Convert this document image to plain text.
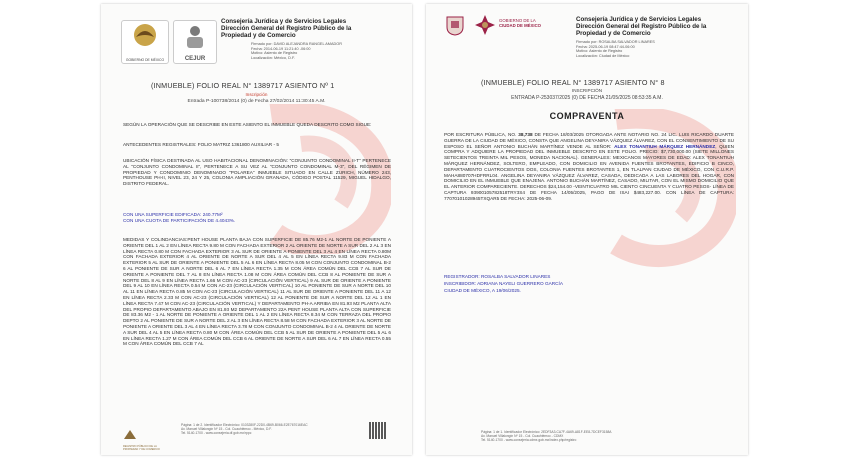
GOBIERNO DE MÉXICO	CEJUR
Consejería Jurídica y de Servicios Legales
Dirección General del Registro Público de la
Propiedad y de Comercio
Firmado por: DAVID ALEJANDRA RANGEL AMADOR
Fecha: 2014-06-19 11:21:40 -06:00
Motivo: Asiento de Registro
Localización: México, D.F.
(INMUEBLE) FOLIO REAL N° 1389717 ASIENTO Nº 1
Inscripción
Entrada P-100738/2014 (0) de Fecha 27/02/2014 11:30:45 A.M.
SEGÚN LA OPERACIÓN QUE SE DESCRIBE EN ESTE ASIENTO EL INMUEBLE QUEDA DESCRITO COMO SIGUE:
ANTECEDENTES REGISTRALES: FOLIO MATRIZ 1361800 AUXILIAR - 5
UBICACIÓN FÍSICA DESTINADA AL USO HABITACIONAL DENOMINACIÓN: "CONJUNTO CONDOMINAL II-T" PERTENECE AL "CONJUNTO CONDOMINAL II", PERTENECE A SU VEZ AL "CONJUNTO CONDOMINAL M-3", DEL RÉGIMEN DE PROPIEDAD Y CONDOMINIO DENOMINADO "POLAREA" INMUEBLE SITUADO EN CALLE ZURICH, NÚMERO 243, PENTHOUSE PH-II, NIVEL 23, 24 Y 25, COLONIA AMPLIACIÓN GRANADA, CÓDIGO POSTAL 11529, MIGUEL HIDALGO, DISTRITO FEDERAL.
CON UNA SUPERFICIE EDIFICADA: 240.77M²
CON UNA CUOTA DE PARTICIPACIÓN DE 4.4043%.
MEDIDAS Y COLINDANCIAS:PENT HOUSE PLANTA BAJA CON SUPERFICIE DE 85.76 M2-1 AL NORTE DE PONIENTE A ORIENTE DEL 1 AL 2 EN LÍNEA RECTA 9.80 M CON FACHADA EXTERIOR 2 AL ORIENTE DE NORTE A SUR DEL 2 AL 3 EN LÍNEA RECTA 0.80 M CON FACHADA EXTERIOR 3 AL SUR DE ORIENTE A PONIENTE DEL 3 AL 4 EN LÍNEA RECTA 0.80M CON FACHADA EXTERIOR 4 AL ORIENTE DE NORTE A SUR DEL 4 AL 5 EN LÍNEA RECTA 9.83 M CON FACHADA EXTERIOR 5 AL SUR DE ORIENTE A PONIENTE DEL 5 AL 6 EN LÍNEA RECTA 8.05 M CON CONJUNTO CONDOMINAL B-2 6 AL PONIENTE DE SUR A NORTE DEL 6 AL 7 EN LÍNEA RECTA 1.35 M CON ÁREA COMÚN DEL CCB 7 AL SUR DE ORIENTE A PONIENTE DEL 7 AL 8 EN LÍNEA RECTA 1.08 M CON ÁREA COMÚN DEL CCB 8 AL PONIENTE DE SUR A NORTE DEL 8 AL 9 EN LÍNEA RECTA 1.66 M CON AC-23 (CIRCULACIÓN VERTICAL) 9 AL SUR DE ORIENTE A PONIENTE DEL 9 AL 10 EN LÍNEA RECTA 0.54 M CON AC-23 (CIRCULACIÓN VERTICAL) 10 AL PONIENTE DE SUR A NORTE DEL 10 AL 11 EN LÍNEA RECTA 0.85 M CON AC-23 (CIRCULACIÓN VERTICAL) 11 AL SUR DE ORIENTE A PONIENTE DEL 11 A 12 EN LÍNEA RECTA 2.33 M CON AC-23 (CIRCULACIÓN VERTICAL) 12 AL PONIENTE DE SUR A NORTE DEL 12 AL 1 EN LÍNEA RECTA 7.47 M CON AC-23 (CIRCULACIÓN VERTICAL) Y DEPARTAMENTO PH-A ARRIBA EN 81.93 M2 PLANTA ALTA DEL PROPIO DEPARTAMENTO ABAJO EN 81.93 M2 DEPARTAMENTO 22A PENT HOUSE PLANTA ALTA CON SUPERFICIE DE 83.36 M2 - 1 AL NORTE DE PONIENTE A ORIENTE DEL 1 AL 2 EN LÍNEA RECTA 8.34 M CON TERRAZA DEL PROPIO DEPTO 2 AL PONIENTE DE SUR A NORTE DEL 2 AL 3 EN LÍNEA RECTA 8.58 M CON FACHADA EXTERIOR 3 AL NORTE DE PONIENTE A ORIENTE DEL 3 AL 4 EN LÍNEA RECTA 3.78 M CON CONJUNTO CONDOMINAL B-2 4 AL ORIENTE DE NORTE A SUR DEL 4 AL 5 EN LÍNEA RECTA 0.80 M CON ÁREA COMÚN DEL CCB 5 AL SUR DE ORIENTE A PONIENTE DEL 5 AL 6 EN LÍNEA RECTA 1.27 M CON ÁREA COMÚN DEL CCB 6 AL ORIENTE DE NORTE A SUR DEL 6 AL 7 EN LÍNEA RECTA 0.55 M CON ÁREA COMÚN DEL CCB 7 AL
Página: 1 de 2. Identificador Electrónico: 0103280F-22D0-4B69-B066-E2E767016EAC
Av. Manuel Villalongín Nº 15 - Col. Cuauhtémoc - México, D.F.
Tel. 5140-1700 - www.consejeria.df.gob.mx/rppc
REGISTRO PÚBLICO DE LA PROPIEDAD Y DE COMERCIO
GOBIERNO DE LA
CIUDAD DE MÉXICO
Consejería Jurídica y de Servicios Legales
Dirección General del Registro Público de la
Propiedad y de Comercio
Firmado por: ROSALBA SALVADOR LINARES
Fecha: 2025-06-19 08:47:44-06:00
Motivo: Asiento de Registro
Localización: Ciudad de México
(INMUEBLE) FOLIO REAL N° 1389717 ASIENTO N° 8
INSCRIPCIÓN
ENTRADA P-253037/2025 (0) DE FECHA 21/05/2025 08:53:35 A.M.
COMPRAVENTA
POR ESCRITURA PÚBLICA, NO. 38,738 DE FECHA 18/03/2025 OTORGADA ANTE NOTARIO NO. 24 LIC. LUIS RICARDO DUARTE GUERRA DE LA CIUDAD DE MÉXICO, CONSTA QUE ANGELINA DEYANIRA VÁZQUEZ ÁLVAREZ, CON EL CONSENTIMIENTO DE SU ESPOSO EL SEÑOR ANTONIO BUCHÁN MARTÍNEZ VENDE AL SEÑOR: ALEX TONANTIUH MÁRQUEZ HERNÁNDEZ, QUIEN COMPRA Y ADQUIERE LA PROPIEDAD DEL INMUEBLE DESCRITO EN ESTE FOLIO. PRECIO: $7,730,000.00 (SIETE MILLONES SETECIENTOS TREINTA MIL PESOS, MONEDA NACIONAL). GENERALES: MEXICANOS MAYORES DE EDAD: ALEX TONANTIUH MÁRQUEZ HERNÁNDEZ, SOLTERO, EMPLEADO, CON DOMICILIO EN AVENIDA FUENTES BROTANTES, EDIFICIO B CINCO, DEPARTAMENTO CUATROCIENTOS DOS, COLONIA FUENTES BROTANTES 1, EN TLALPAN CIUDAD DE MÉXICO, CON C.U.R.P. MAHA880707HDFRRL04. ANGELINA DEYANIRA VÁZQUEZ ÁLVAREZ, CASADA, DEDICADA A LAS LABORES DEL HOGAR, CON DOMICILIO EN EL INMUEBLE QUE ENAJENA. ANTONIO BUCHÁN MARTÍNEZ, CASADO, MILITAR, CON EL MISMO DOMICILIO QUE EL ANTERIOR COMPARECIENTE. DERECHOS $24,154.00 -VEINTICUATRO MIL CIENTO CINCUENTA Y CUATRO PESOS- LÍNEA DE CAPTURA 93900105782518TRY3S4 DE FECHA 14/05/2025, PAGO DE ISAI $483,227.00. CON LÍNEA DE CAPTURA: 77070101028945TXQAR5 DE FECHA: 2025-06-09.
REGISTRADOR: ROSALBA SALVADOR LINARES
INSCRIBIDOR: ADRIANA NAYELI GUERRERO GARCÍA
CIUDAD DE MÉXICO, A 19/06/2025.
Página: 1 de 1. Identificador Electrónico: 2EDF3A3-CA7F-4A69-A81F-EE8-7DCEF3158A
Av. Manuel Villalongín Nº 15 - Col. Cuauhtémoc - CDMX
Tel. 5140-1700 - www.consejeria.cdmx.gob.mx/index.php/registro
